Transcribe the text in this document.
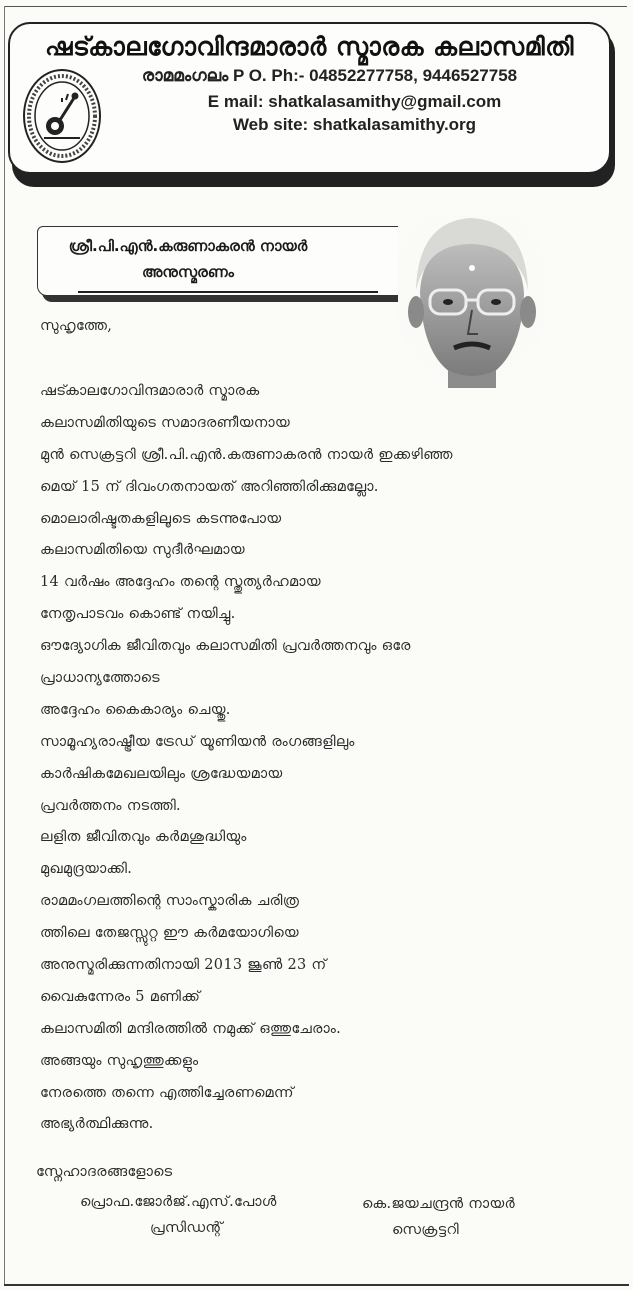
ഷട്കാലഗോവിന്ദമാരാർ സ്മാരക കലാസമിതി
രാമമംഗലം P O. Ph:- 04852277758, 9446527758
E mail: shatkalasamithy@gmail.com
Web site: shatkalasamithy.org
ശ്രീ.പി.എൻ.കരുണാകരൻ നായർ
അനുസ്മരണം
സുഹൃത്തേ,
ഷട്കാലഗോവിന്ദമാരാർ സ്മാരക
കലാസമിതിയുടെ സമാദരണീയനായ
മുൻ സെക്രട്ടറി ശ്രീ.പി.എൻ.കരുണാകരൻ നായർ ഇക്കഴിഞ്ഞ
മെയ് 15 ന് ദിവംഗതനായത് അറിഞ്ഞിരിക്കുമല്ലോ.
മൊലാരിഷ്ടതകളിലൂടെ കടന്നുപോയ
കലാസമിതിയെ സുദീർഘമായ
14 വർഷം അദ്ദേഹം തന്റെ സ്തുത്യർഹമായ
നേതൃപാടവം കൊണ്ട് നയിച്ചു.
ഔദ്യോഗിക ജീവിതവും കലാസമിതി പ്രവർത്തനവും ഒരേ
പ്രാധാന്യത്തോടെ
അദ്ദേഹം കൈകാര്യം ചെയ്തു.
സാമൂഹ്യരാഷ്ട്രീയ ട്രേഡ് യൂണിയൻ രംഗങ്ങളിലും
കാർഷികമേഖലയിലും ശ്രദ്ധേയമായ
പ്രവർത്തനം നടത്തി.
ലളിത ജീവിതവും കർമശുദ്ധിയും
മുഖമുദ്രയാക്കി.
രാമമംഗലത്തിന്റെ സാംസ്കാരിക ചരിത്ര
ത്തിലെ തേജസ്സുറ്റ ഈ കർമയോഗിയെ
അനുസ്മരിക്കുന്നതിനായി 2013 ജൂൺ 23 ന്
വൈകുന്നേരം 5 മണിക്ക്
കലാസമിതി മന്ദിരത്തിൽ നമുക്ക് ഒത്തുചേരാം.
അങ്ങയും സുഹൃത്തുക്കളും
നേരത്തെ തന്നെ എത്തിച്ചേരണമെന്ന്
അഭ്യർത്ഥിക്കുന്നു.
സ്നേഹാദരങ്ങളോടെ
പ്രൊഫ.ജോർജ്.എസ്.പോൾ
പ്രസിഡന്റ്
കെ.ജയചന്ദ്രൻ നായർ
സെക്രട്ടറി
